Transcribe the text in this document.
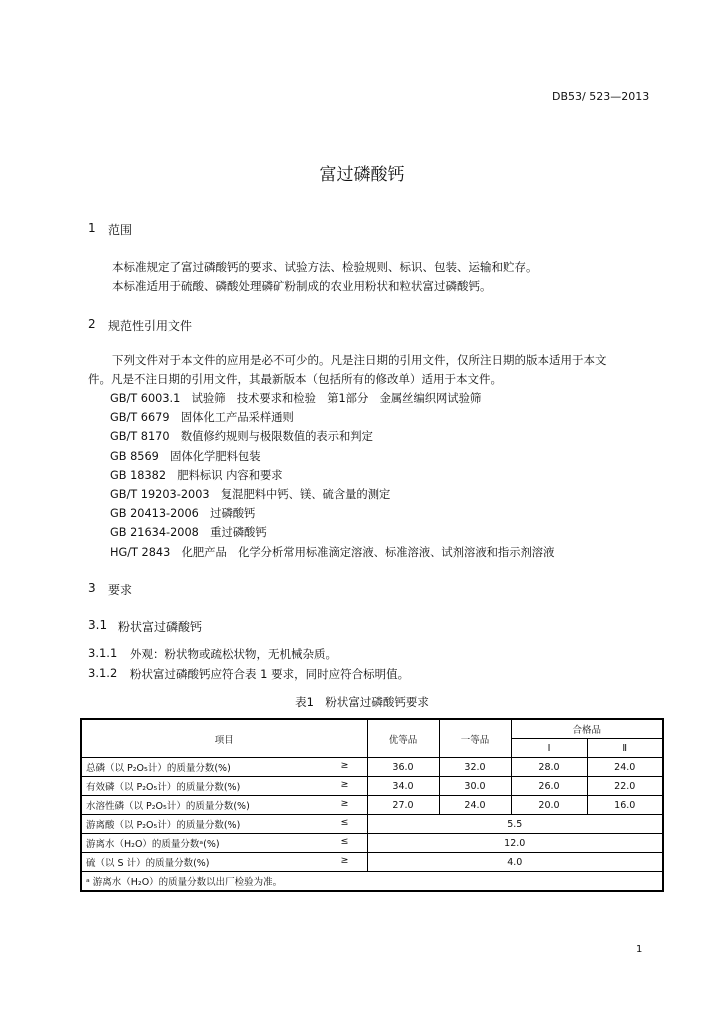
DB53/ 523—2013
富过磷酸钙
1 范围
本标准规定了富过磷酸钙的要求、试验方法、检验规则、标识、包装、运输和贮存。
本标准适用于硫酸、磷酸处理磷矿粉制成的农业用粉状和粒状富过磷酸钙。
2 规范性引用文件
下列文件对于本文件的应用是必不可少的。凡是注日期的引用文件，仅所注日期的版本适用于本文
件。凡是不注日期的引用文件，其最新版本（包括所有的修改单）适用于本文件。
GB/T 6003.1　试验筛　技术要求和检验　第1部分　金属丝编织网试验筛
GB/T 6679　固体化工产品采样通则
GB/T 8170　数值修约规则与极限数值的表示和判定
GB 8569　固体化学肥料包装
GB 18382　肥料标识 内容和要求
GB/T 19203-2003　复混肥料中钙、镁、硫含量的测定
GB 20413-2006　过磷酸钙
GB 21634-2008　重过磷酸钙
HG/T 2843　化肥产品　化学分析常用标准滴定溶液、标准溶液、试剂溶液和指示剂溶液
3 要求
3.1 粉状富过磷酸钙
3.1.1 外观：粉状物或疏松状物，无机械杂质。
3.1.2 粉状富过磷酸钙应符合表 1 要求，同时应符合标明值。
表1　粉状富过磷酸钙要求
项目	优等品	一等品	合格品	
			Ⅰ	Ⅱ
总磷（以 P₂O₅计）的质量分数(%) ≥	36.0	32.0	28.0	24.0
有效磷（以 P₂O₅计）的质量分数(%) ≥	34.0	30.0	26.0	22.0
水溶性磷（以 P₂O₅计）的质量分数(%) ≥	27.0	24.0	20.0	16.0
游离酸（以 P₂O₅计）的质量分数(%) ≤	5.5			
游离水（H₂O）的质量分数ᵃ(%) ≤	12.0			
硫（以 S 计）的质量分数(%) ≥	4.0			
ᵃ 游离水（H₂O）的质量分数以出厂检验为准。				
1
